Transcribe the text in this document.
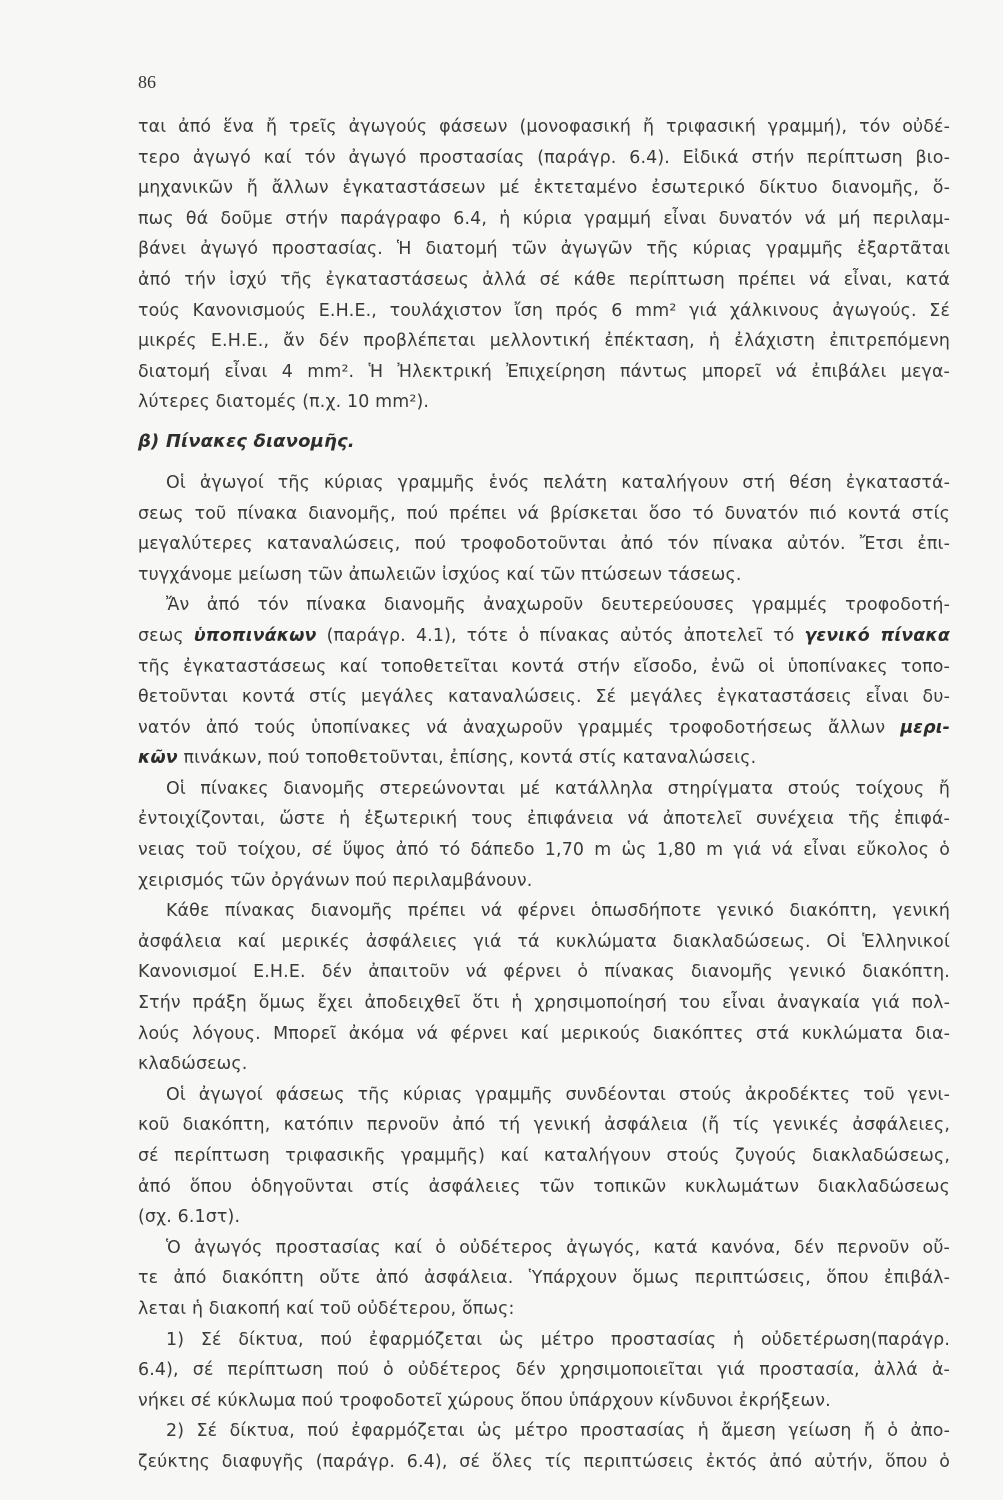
86
ται ἀπό ἕνα ἤ τρεῖς ἀγωγούς φάσεων (μονοφασική ἤ τριφασική γραμμή), τόν οὐδέ-
τερο ἀγωγό καί τόν ἀγωγό προστασίας (παράγρ. 6.4). Εἰδικά στήν περίπτωση βιο-
μηχανικῶν ἤ ἄλλων ἐγκαταστάσεων μέ ἐκτεταμένο ἐσωτερικό δίκτυο διανομῆς, ὅ-
πως θά δοῦμε στήν παράγραφο 6.4, ἡ κύρια γραμμή εἶναι δυνατόν νά μή περιλαμ-
βάνει ἀγωγό προστασίας. Ἡ διατομή τῶν ἀγωγῶν τῆς κύριας γραμμῆς ἐξαρτᾶται
ἀπό τήν ἰσχύ τῆς ἐγκαταστάσεως ἀλλά σέ κάθε περίπτωση πρέπει νά εἶναι, κατά
τούς Κανονισμούς Ε.Η.Ε., τουλάχιστον ἴση πρός 6 mm² γιά χάλκινους ἀγωγούς. Σέ
μικρές Ε.Η.Ε., ἄν δέν προβλέπεται μελλοντική ἐπέκταση, ἡ ἐλάχιστη ἐπιτρεπόμενη
διατομή εἶναι 4 mm². Ἡ Ἠλεκτρική Ἐπιχείρηση πάντως μπορεῖ νά ἐπιβάλει μεγα-
λύτερες διατομές (π.χ. 10 mm²).
β) Πίνακες διανομῆς.
Οἱ ἀγωγοί τῆς κύριας γραμμῆς ἑνός πελάτη καταλήγουν στή θέση ἐγκαταστά-
σεως τοῦ πίνακα διανομῆς, πού πρέπει νά βρίσκεται ὅσο τό δυνατόν πιό κοντά στίς
μεγαλύτερες καταναλώσεις, πού τροφοδοτοῦνται ἀπό τόν πίνακα αὐτόν. Ἔτσι ἐπι-
τυγχάνομε μείωση τῶν ἀπωλειῶν ἰσχύος καί τῶν πτώσεων τάσεως.
Ἄν ἀπό τόν πίνακα διανομῆς ἀναχωροῦν δευτερεύουσες γραμμές τροφοδοτή-
σεως ὑποπινάκων (παράγρ. 4.1), τότε ὁ πίνακας αὐτός ἀποτελεῖ τό γενικό πίνακα
τῆς ἐγκαταστάσεως καί τοποθετεῖται κοντά στήν εἴσοδο, ἐνῶ οἱ ὑποπίνακες τοπο-
θετοῦνται κοντά στίς μεγάλες καταναλώσεις. Σέ μεγάλες ἐγκαταστάσεις εἶναι δυ-
νατόν ἀπό τούς ὑποπίνακες νά ἀναχωροῦν γραμμές τροφοδοτήσεως ἄλλων μερι-
κῶν πινάκων, πού τοποθετοῦνται, ἐπίσης, κοντά στίς καταναλώσεις.
Οἱ πίνακες διανομῆς στερεώνονται μέ κατάλληλα στηρίγματα στούς τοίχους ἤ
ἐντοιχίζονται, ὥστε ἡ ἐξωτερική τους ἐπιφάνεια νά ἀποτελεῖ συνέχεια τῆς ἐπιφά-
νειας τοῦ τοίχου, σέ ὕψος ἀπό τό δάπεδο 1,70 m ὡς 1,80 m γιά νά εἶναι εὔκολος ὁ
χειρισμός τῶν ὀργάνων πού περιλαμβάνουν.
Κάθε πίνακας διανομῆς πρέπει νά φέρνει ὁπωσδήποτε γενικό διακόπτη, γενική
ἀσφάλεια καί μερικές ἀσφάλειες γιά τά κυκλώματα διακλαδώσεως. Οἱ Ἑλληνικοί
Κανονισμοί Ε.Η.Ε. δέν ἀπαιτοῦν νά φέρνει ὁ πίνακας διανομῆς γενικό διακόπτη.
Στήν πράξη ὅμως ἔχει ἀποδειχθεῖ ὅτι ἡ χρησιμοποίησή του εἶναι ἀναγκαία γιά πολ-
λούς λόγους. Μπορεῖ ἀκόμα νά φέρνει καί μερικούς διακόπτες στά κυκλώματα δια-
κλαδώσεως.
Οἱ ἀγωγοί φάσεως τῆς κύριας γραμμῆς συνδέονται στούς ἀκροδέκτες τοῦ γενι-
κοῦ διακόπτη, κατόπιν περνοῦν ἀπό τή γενική ἀσφάλεια (ἤ τίς γενικές ἀσφάλειες,
σέ περίπτωση τριφασικῆς γραμμῆς) καί καταλήγουν στούς ζυγούς διακλαδώσεως,
ἀπό ὅπου ὁδηγοῦνται στίς ἀσφάλειες τῶν τοπικῶν κυκλωμάτων διακλαδώσεως
(σχ. 6.1στ).
Ὁ ἀγωγός προστασίας καί ὁ οὐδέτερος ἀγωγός, κατά κανόνα, δέν περνοῦν οὔ-
τε ἀπό διακόπτη οὔτε ἀπό ἀσφάλεια. Ὑπάρχουν ὅμως περιπτώσεις, ὅπου ἐπιβάλ-
λεται ἡ διακοπή καί τοῦ οὐδέτερου, ὅπως:
1) Σέ δίκτυα, πού ἐφαρμόζεται ὡς μέτρο προστασίας ἡ οὐδετέρωση(παράγρ.
6.4), σέ περίπτωση πού ὁ οὐδέτερος δέν χρησιμοποιεῖται γιά προστασία, ἀλλά ἀ-
νήκει σέ κύκλωμα πού τροφοδοτεῖ χώρους ὅπου ὑπάρχουν κίνδυνοι ἐκρήξεων.
2) Σέ δίκτυα, πού ἐφαρμόζεται ὡς μέτρο προστασίας ἡ ἄμεση γείωση ἤ ὁ ἀπο-
ζεύκτης διαφυγῆς (παράγρ. 6.4), σέ ὅλες τίς περιπτώσεις ἐκτός ἀπό αὐτήν, ὅπου ὁ
